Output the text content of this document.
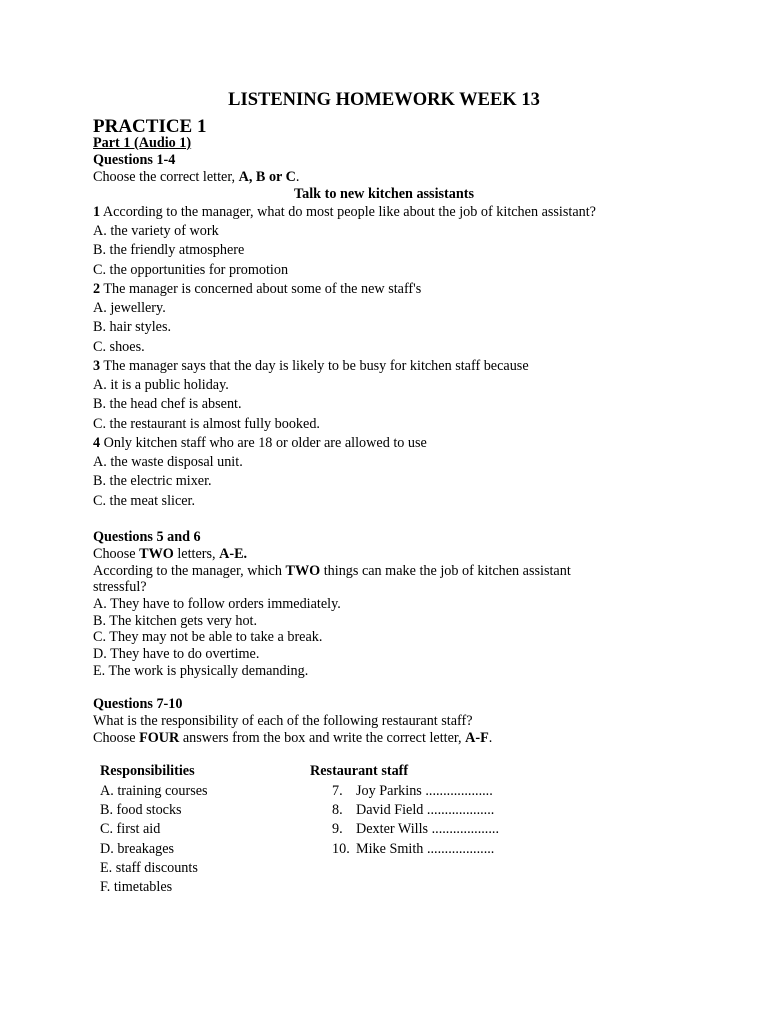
LISTENING HOMEWORK WEEK 13
PRACTICE 1
Part 1 (Audio 1)
Questions 1-4
Choose the correct letter, A, B or C.
Talk to new kitchen assistants
1 According to the manager, what do most people like about the job of kitchen assistant?
A. the variety of work
B. the friendly atmosphere
C. the opportunities for promotion
2 The manager is concerned about some of the new staff's
A. jewellery.
B. hair styles.
C. shoes.
3 The manager says that the day is likely to be busy for kitchen staff because
A. it is a public holiday.
B. the head chef is absent.
C. the restaurant is almost fully booked.
4 Only kitchen staff who are 18 or older are allowed to use
A. the waste disposal unit.
B. the electric mixer.
C. the meat slicer.
Questions 5 and 6
Choose TWO letters, A-E.
According to the manager, which TWO things can make the job of kitchen assistant
stressful?
A. They have to follow orders immediately.
B. The kitchen gets very hot.
C. They may not be able to take a break.
D. They have to do overtime.
E. The work is physically demanding.
Questions 7-10
What is the responsibility of each of the following restaurant staff?
Choose FOUR answers from the box and write the correct letter, A-F.
Responsibilities	Restaurant staff
A. training courses
B. food stocks
C. first aid
D. breakages
E. staff discounts
F. timetables
7. Joy Parkins ...................
8. David Field ...................
9. Dexter Wills ...................
10. Mike Smith ...................
